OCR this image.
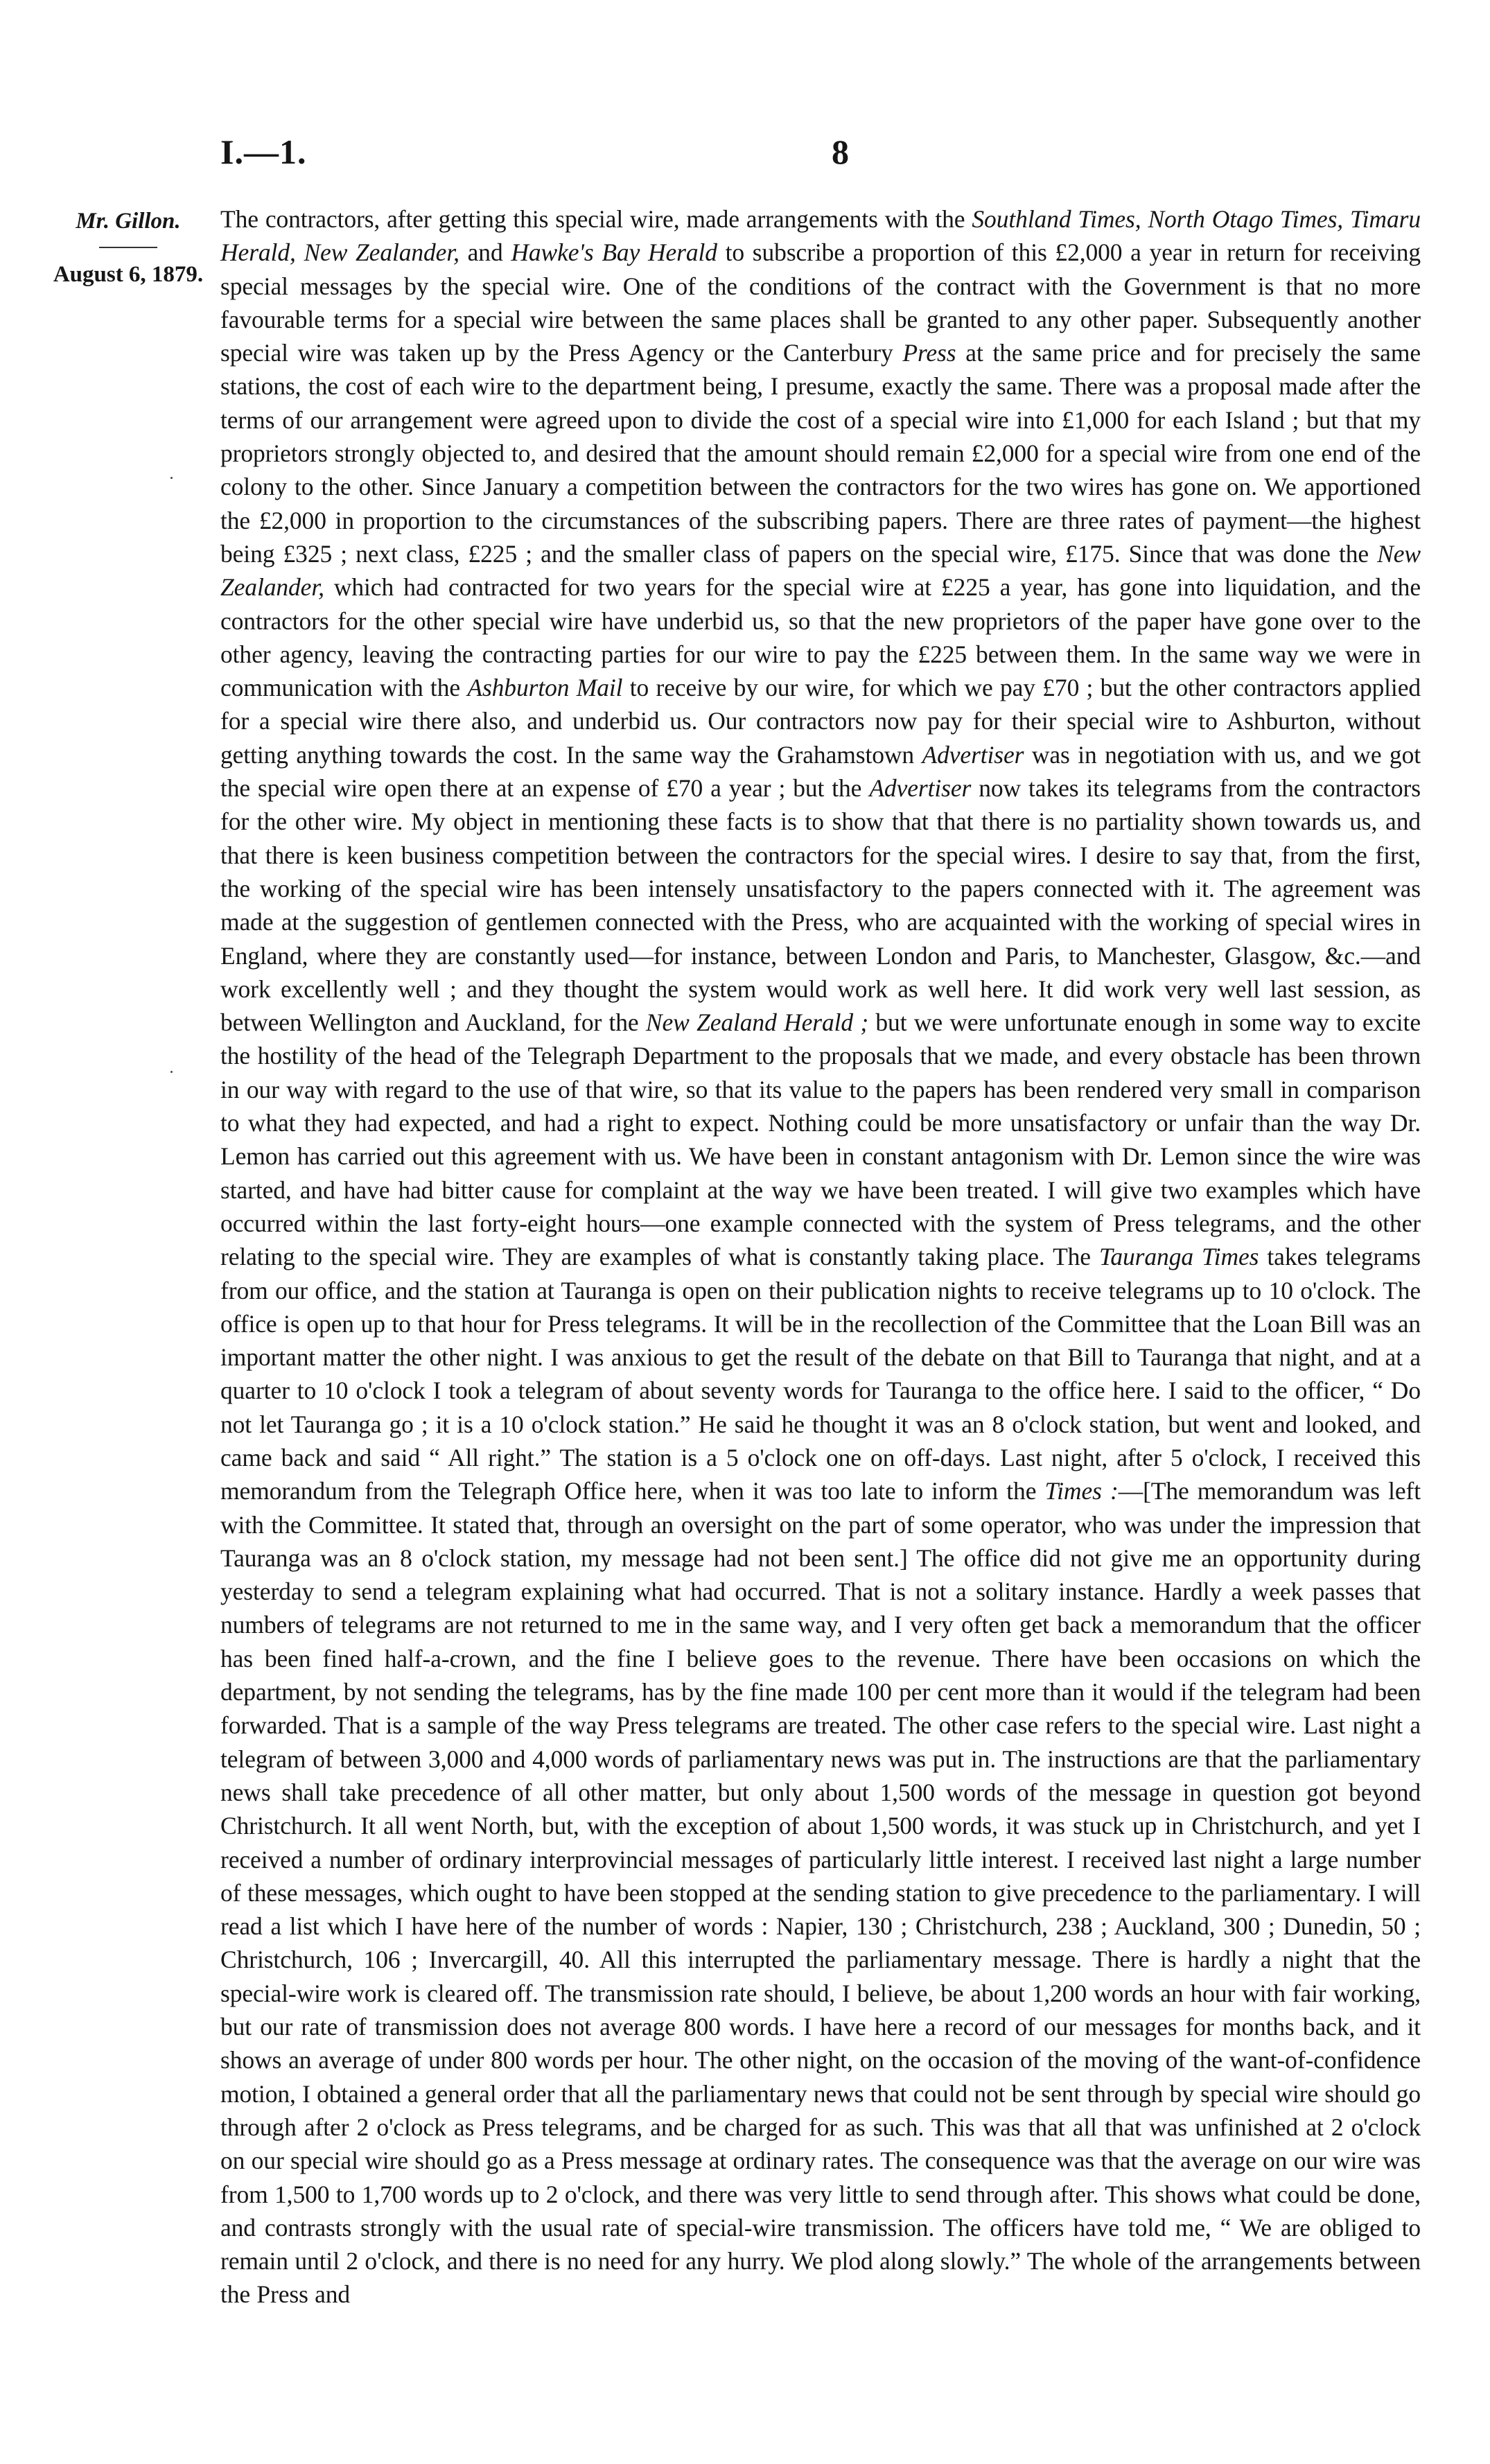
I.—1.	8
Mr. Gillon.
August 6, 1879.

The contractors, after getting this special wire, made arrangements with the Southland Times, North Otago Times, Timaru Herald, New Zealander, and Hawke's Bay Herald to subscribe a proportion of this £2,000 a year in return for receiving special messages by the special wire. One of the conditions of the contract with the Government is that no more favourable terms for a special wire between the same places shall be granted to any other paper. Subsequently another special wire was taken up by the Press Agency or the Canterbury Press at the same price and for precisely the same stations, the cost of each wire to the department being, I presume, exactly the same. There was a proposal made after the terms of our arrangement were agreed upon to divide the cost of a special wire into £1,000 for each Island ; but that my proprietors strongly objected to, and desired that the amount should remain £2,000 for a special wire from one end of the colony to the other. Since January a competition between the contractors for the two wires has gone on. We apportioned the £2,000 in proportion to the circumstances of the subscribing papers. There are three rates of payment—the highest being £325 ; next class, £225 ; and the smaller class of papers on the special wire, £175. Since that was done the New Zealander, which had contracted for two years for the special wire at £225 a year, has gone into liquidation, and the contractors for the other special wire have underbid us, so that the new proprietors of the paper have gone over to the other agency, leaving the contracting parties for our wire to pay the £225 between them. In the same way we were in communication with the Ashburton Mail to receive by our wire, for which we pay £70 ; but the other contractors applied for a special wire there also, and underbid us. Our contractors now pay for their special wire to Ashburton, without getting anything towards the cost. In the same way the Grahamstown Advertiser was in negotiation with us, and we got the special wire open there at an expense of £70 a year ; but the Advertiser now takes its telegrams from the contractors for the other wire. My object in mentioning these facts is to show that that there is no partiality shown towards us, and that there is keen business competition between the contractors for the special wires. I desire to say that, from the first, the working of the special wire has been intensely unsatisfactory to the papers connected with it. The agreement was made at the suggestion of gentlemen connected with the Press, who are acquainted with the working of special wires in England, where they are constantly used—for instance, between London and Paris, to Manchester, Glasgow, &c.—and work excellently well ; and they thought the system would work as well here. It did work very well last session, as between Wellington and Auckland, for the New Zealand Herald ; but we were unfortunate enough in some way to excite the hostility of the head of the Telegraph Department to the proposals that we made, and every obstacle has been thrown in our way with regard to the use of that wire, so that its value to the papers has been rendered very small in comparison to what they had expected, and had a right to expect. Nothing could be more unsatisfactory or unfair than the way Dr. Lemon has carried out this agreement with us. We have been in constant antagonism with Dr. Lemon since the wire was started, and have had bitter cause for complaint at the way we have been treated. I will give two examples which have occurred within the last forty-eight hours—one example connected with the system of Press telegrams, and the other relating to the special wire. They are examples of what is constantly taking place. The Tauranga Times takes telegrams from our office, and the station at Tauranga is open on their publication nights to receive telegrams up to 10 o'clock. The office is open up to that hour for Press telegrams. It will be in the recollection of the Committee that the Loan Bill was an important matter the other night. I was anxious to get the result of the debate on that Bill to Tauranga that night, and at a quarter to 10 o'clock I took a telegram of about seventy words for Tauranga to the office here. I said to the officer, “ Do not let Tauranga go ; it is a 10 o'clock station.” He said he thought it was an 8 o'clock station, but went and looked, and came back and said “ All right.” The station is a 5 o'clock one on off-days. Last night, after 5 o'clock, I received this memorandum from the Telegraph Office here, when it was too late to inform the Times :—[The memorandum was left with the Committee. It stated that, through an oversight on the part of some operator, who was under the impression that Tauranga was an 8 o'clock station, my message had not been sent.] The office did not give me an opportunity during yesterday to send a telegram explaining what had occurred. That is not a solitary instance. Hardly a week passes that numbers of telegrams are not returned to me in the same way, and I very often get back a memorandum that the officer has been fined half-a-crown, and the fine I believe goes to the revenue. There have been occasions on which the department, by not sending the telegrams, has by the fine made 100 per cent more than it would if the telegram had been forwarded. That is a sample of the way Press telegrams are treated. The other case refers to the special wire. Last night a telegram of between 3,000 and 4,000 words of parliamentary news was put in. The instructions are that the parliamentary news shall take precedence of all other matter, but only about 1,500 words of the message in question got beyond Christchurch. It all went North, but, with the exception of about 1,500 words, it was stuck up in Christchurch, and yet I received a number of ordinary interprovincial messages of particularly little interest. I received last night a large number of these messages, which ought to have been stopped at the sending station to give precedence to the parliamentary. I will read a list which I have here of the number of words : Napier, 130 ; Christchurch, 238 ; Auckland, 300 ; Dunedin, 50 ; Christchurch, 106 ; Invercargill, 40. All this interrupted the parliamentary message. There is hardly a night that the special-wire work is cleared off. The transmission rate should, I believe, be about 1,200 words an hour with fair working, but our rate of transmission does not average 800 words. I have here a record of our messages for months back, and it shows an average of under 800 words per hour. The other night, on the occasion of the moving of the want-of-confidence motion, I obtained a general order that all the parliamentary news that could not be sent through by special wire should go through after 2 o'clock as Press telegrams, and be charged for as such. This was that all that was unfinished at 2 o'clock on our special wire should go as a Press message at ordinary rates. The consequence was that the average on our wire was from 1,500 to 1,700 words up to 2 o'clock, and there was very little to send through after. This shows what could be done, and contrasts strongly with the usual rate of special-wire transmission. The officers have told me, “ We are obliged to remain until 2 o'clock, and there is no need for any hurry. We plod along slowly.” The whole of the arrangements between the Press and
